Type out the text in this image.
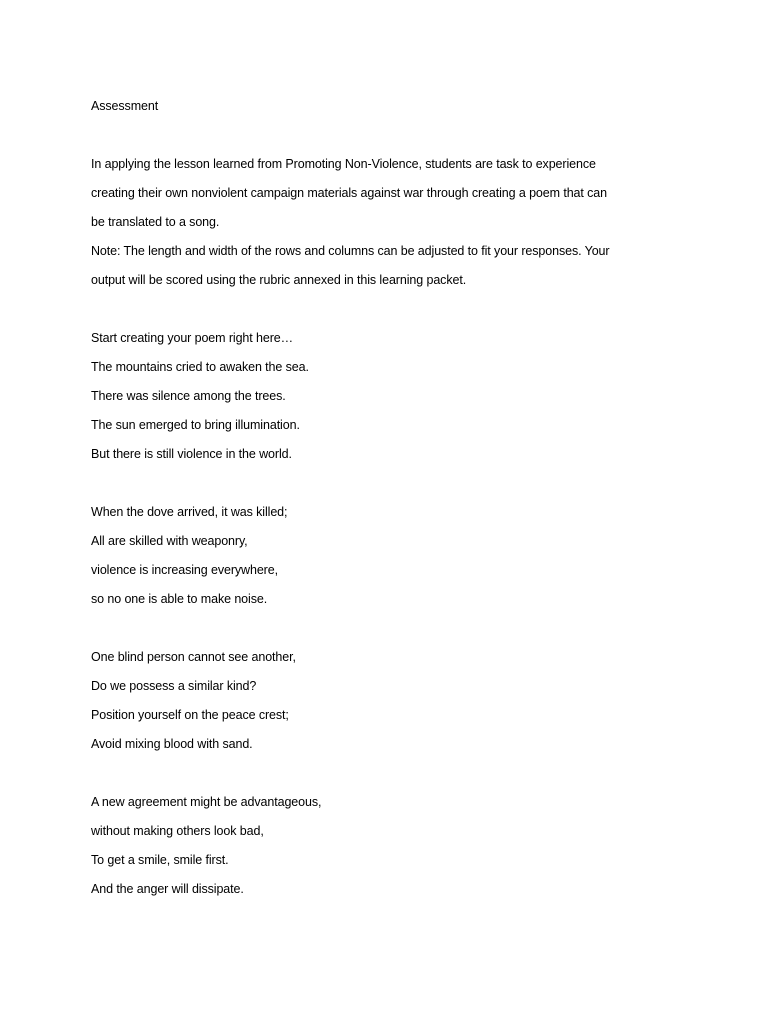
Assessment
In applying the lesson learned from Promoting Non-Violence, students are task to experience
creating their own nonviolent campaign materials against war through creating a poem that can
be translated to a song.
Note: The length and width of the rows and columns can be adjusted to fit your responses. Your
output will be scored using the rubric annexed in this learning packet.
Start creating your poem right here…
The mountains cried to awaken the sea.
There was silence among the trees.
The sun emerged to bring illumination.
But there is still violence in the world.
When the dove arrived, it was killed;
All are skilled with weaponry,
violence is increasing everywhere,
so no one is able to make noise.
One blind person cannot see another,
Do we possess a similar kind?
Position yourself on the peace crest;
Avoid mixing blood with sand.
A new agreement might be advantageous,
without making others look bad,
To get a smile, smile first.
And the anger will dissipate.
